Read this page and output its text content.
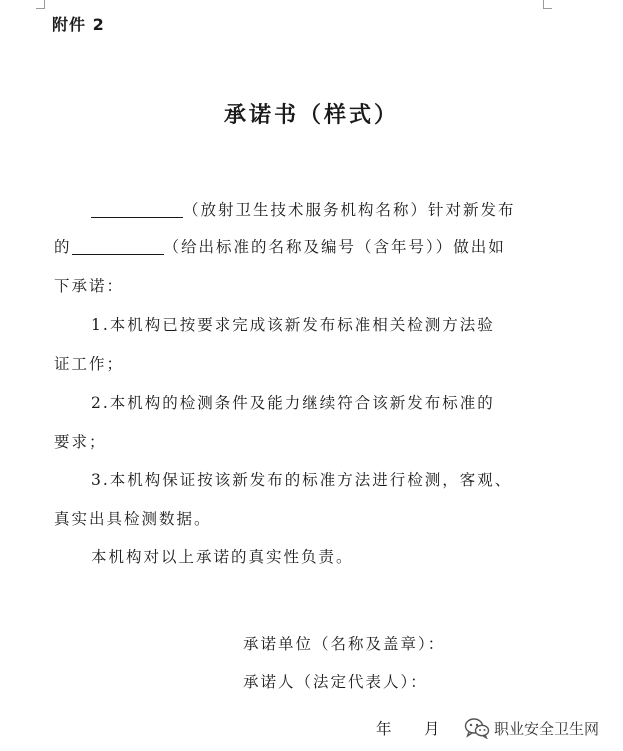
附件 2
承诺书（样式）
（放射卫生技术服务机构名称）针对新发布
的	（给出标准的名称及编号（含年号））做出如
下承诺：
1.本机构已按要求完成该新发布标准相关检测方法验
证工作；
2.本机构的检测条件及能力继续符合该新发布标准的
要求；
3.本机构保证按该新发布的标准方法进行检测，客观、
真实出具检测数据。
本机构对以上承诺的真实性负责。
承诺单位（名称及盖章）：
承诺人（法定代表人）：
年 月	职业安全卫生网
